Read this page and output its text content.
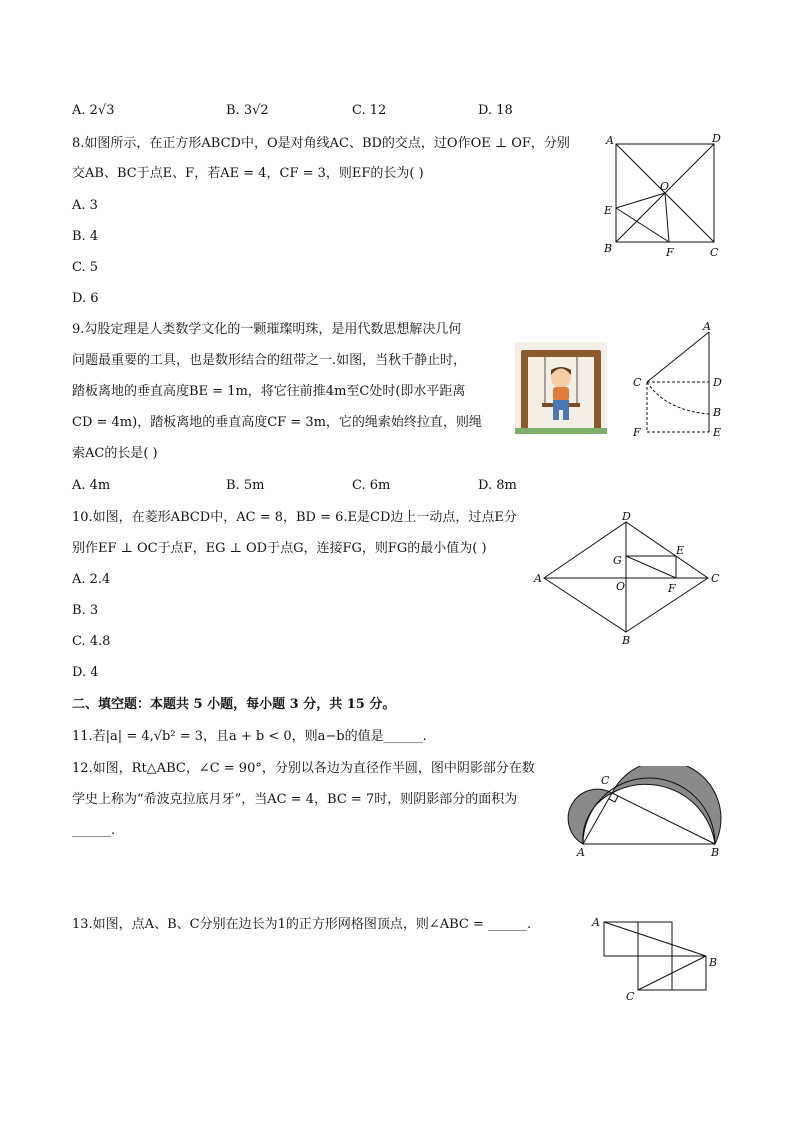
A. 2√3	B. 3√2	C. 12	D. 18
8.如图所示，在正方形ABCD中，O是对角线AC、BD的交点，过O作OE ⊥ OF，分别
交AB、BC于点E、F，若AE = 4，CF = 3，则EF的长为( )
A. 3
B. 4
C. 5
D. 6
A	D
O
E
B	F	C
9.勾股定理是人类数学文化的一颗璀璨明珠，是用代数思想解决几何
问题最重要的工具，也是数形结合的纽带之一.如图，当秋千静止时，
踏板离地的垂直高度BE = 1m，将它往前推4m至C处时(即水平距离
CD = 4m)，踏板离地的垂直高度CF = 3m，它的绳索始终拉直，则绳
索AC的长是( )
A. 4m	B. 5m	C. 6m	D. 8m
A
C	D
B
F	E
10.如图，在菱形ABCD中，AC = 8，BD = 6.E是CD边上一动点，过点E分
别作EF ⊥ OC于点F，EG ⊥ OD于点G，连接FG，则FG的最小值为( )
A. 2.4
B. 3
C. 4.8
D. 4
D
G
E
A
O	F
C
B
二、填空题：本题共 5 小题，每小题 3 分，共 15 分。
11.若|a| = 4,√b² = 3，且a + b < 0，则a−b的值是______.
12.如图，Rt△ABC，∠C = 90°，分别以各边为直径作半圆，图中阴影部分在数
学史上称为“希波克拉底月牙”，当AC = 4，BC = 7时，则阴影部分的面积为
______.
C
A	B
13.如图，点A、B、C分别在边长为1的正方形网格图顶点，则∠ABC = ______.	A
B
C
